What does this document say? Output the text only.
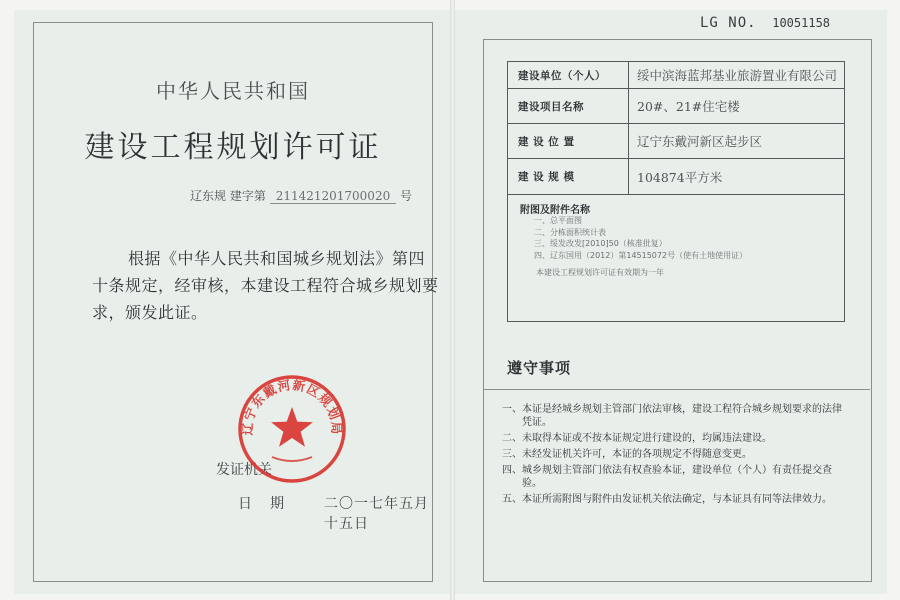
中华人民共和国
建设工程规划许可证
辽东规 建字第 211421201700020 号
根据《中华人民共和国城乡规划法》第四十条规定，经审核，本建设工程符合城乡规划要求，颁发此证。
发证机关
日期 二〇一七年五月十五日
辽宁东戴河新区规划局
LG NO. 10051158
建设单位（个人）	绥中滨海蓝邦基业旅游置业有限公司
建设项目名称	20#、21#住宅楼
建 设 位 置	辽宁东戴河新区起步区
建 设 规 模	104874平方米
附图及附件名称
一、总平面图
二、分栋面积统计表
三、绥发改发[2010]50（核准批复）
四、辽东国用（2012）第14515072号（使有土地使用证）
本建设工程规划许可证有效期为一年
遵守事项
一、本证是经城乡规划主管部门依法审核，建设工程符合城乡规划要求的法律凭证。
二、未取得本证或不按本证规定进行建设的，均属违法建设。
三、未经发证机关许可，本证的各项规定不得随意变更。
四、城乡规划主管部门依法有权查验本证，建设单位（个人）有责任提交查验。
五、本证所需附图与附件由发证机关依法确定，与本证具有同等法律效力。
